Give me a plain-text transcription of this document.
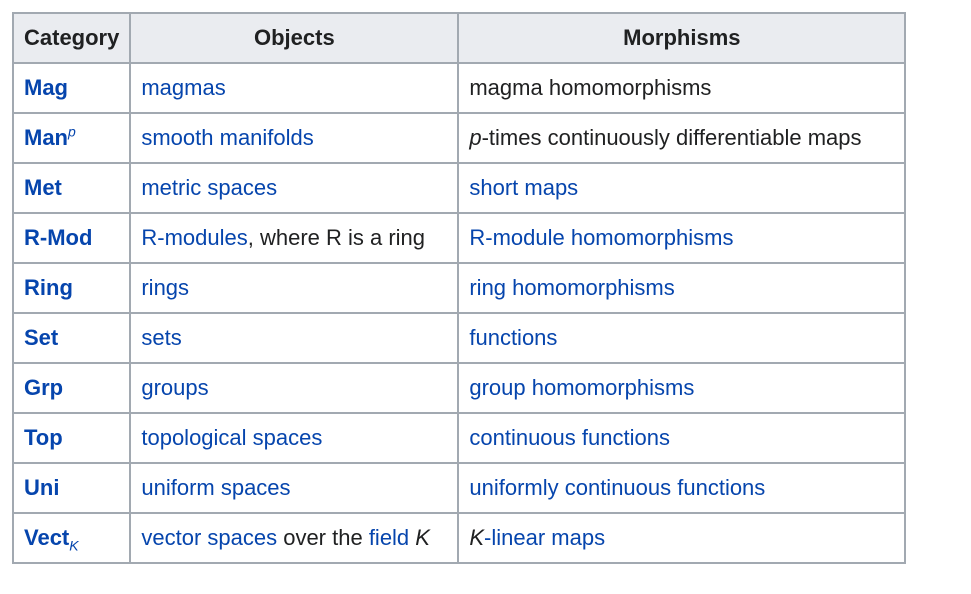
Category	Objects	Morphisms
Mag	magmas	magma homomorphisms
Man$^p$	smooth manifolds	p-times continuously differentiable maps
Met	metric spaces	short maps
R-Mod	R-modules, where R is a ring	R-module homomorphisms
Ring	rings	ring homomorphisms
Set	sets	functions
Grp	groups	group homomorphisms
Top	topological spaces	continuous functions
Uni	uniform spaces	uniformly continuous functions
Vect$_K$	vector spaces over the field K	K-linear maps
